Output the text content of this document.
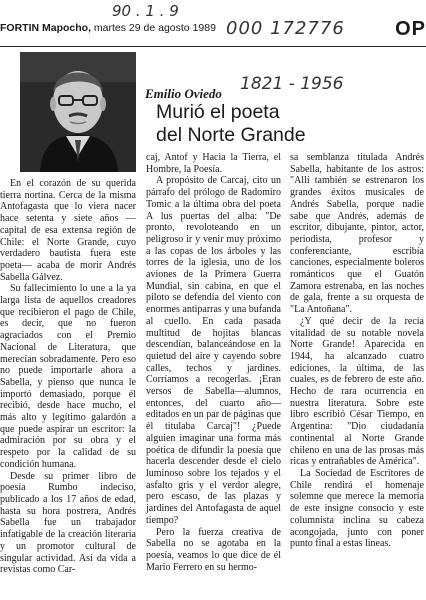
90 . 1 . 9
000 172776
FORTIN Mapocho, martes 29 de agosto 1989	OP
Emilio Oviedo 1821 - 1956
Murió el poeta
del Norte Grande

En el corazón de su querida tierra nortina. Cerca de la misma Antofagasta que lo viera nacer hace setenta y siete años —capital de esa extensa región de Chile: el Norte Grande, cuyo verdadero bautista fuera este poeta— acaba de morir Andrés Sabella Gálvez.

Su fallecimiento lo une a la ya larga lista de aquellos creadores que recibieron el pago de Chile, es decir, que no fueron agraciados con el Premio Nacional de Literatura, que merecían sobradamente. Pero eso no puede importarle ahora a Sabella, y pienso que nunca le importó demasiado, porque él recibió, desde hace mucho, el más alto y legítimo galardón a que puede aspirar un escritor: la admiración por su obra y el respeto por la calidad de su condición humana.

Desde su primer libro de poesía Rumbo indeciso, publicado a los 17 años de edad, hasta su hora postrera, Andrés Sabella fue un trabajador infatigable de la creación literaria y un promotor cultural de singular actividad. Así da vida a revistas como Car-

caj, Antof y Hacia la Tierra, el Hombre, la Poesía.

A propósito de Carcaj, cito un párrafo del prólogo de Radomiro Tomic a la última obra del poeta A lus puertas del alba: "De pronto, revoloteando en un peligroso ir y venir muy próximo a las copas de los árboles y las torres de la iglesia, uno de los aviones de la Primera Guerra Mundial, sin cabina, en que el piloto se defendía del viento con enormes antiparras y una bufanda al cuello. En cada pasada multitud de hojitas blancas descendían, balanceándose en la quietud del aire y cayendo sobre calles, techos y jardines. Corríamos a recogerlas. ¡Eran versos de Sabella—alumnos, entonces, del cuarto año— editados en un par de páginas que él titulaba Carcaj"! ¿Puede alguien imaginar una forma más poética de difundir la poesía que hacerla descender desde el cielo luminoso sobre los tejados y el asfalto gris y el verdor alegre, pero escaso, de las plazas y jardines del Antofagasta de aquel tiempo?

Pero la fuerza creativa de Sabella no se agotaba en la poesía, veamos lo que dice de él Mario Ferrero en su hermo-

sa semblanza titulada Andrés Sabella, habitante de los astros: "Allí también se estrenaron los grandes éxitos musicales de Andrés Sabella, porque nadie sabe que Andrés, además de escritor, dibujante, pintor, actor, periodista, profesor y conferenciante, escribía canciones, especialmente boleros románticos que el Guatón Zamora estrenaba, en las noches de gala, frente a su orquesta de "La Antoñana".

¿Y qué decir de la recia vitalidad de su notable novela Norte Grande! Aparecida en 1944, ha alcanzado cuatro ediciones, la última, de las cuales, es de febrero de este año. Hecho de rara ocurrencia en nuestra literatura. Sobre este libro escribió César Tiempo, en Argentina: "Dio ciudadanía continental al Norte Grande chileno en una de las prosas más ricas y entrañables de América".

La Sociedad de Escritores de Chile rendirá el homenaje solemne que merece la memoria de este insigne consocio y este columnista inclina su cabeza acongojada, junto con poner punto final a estas líneas.
